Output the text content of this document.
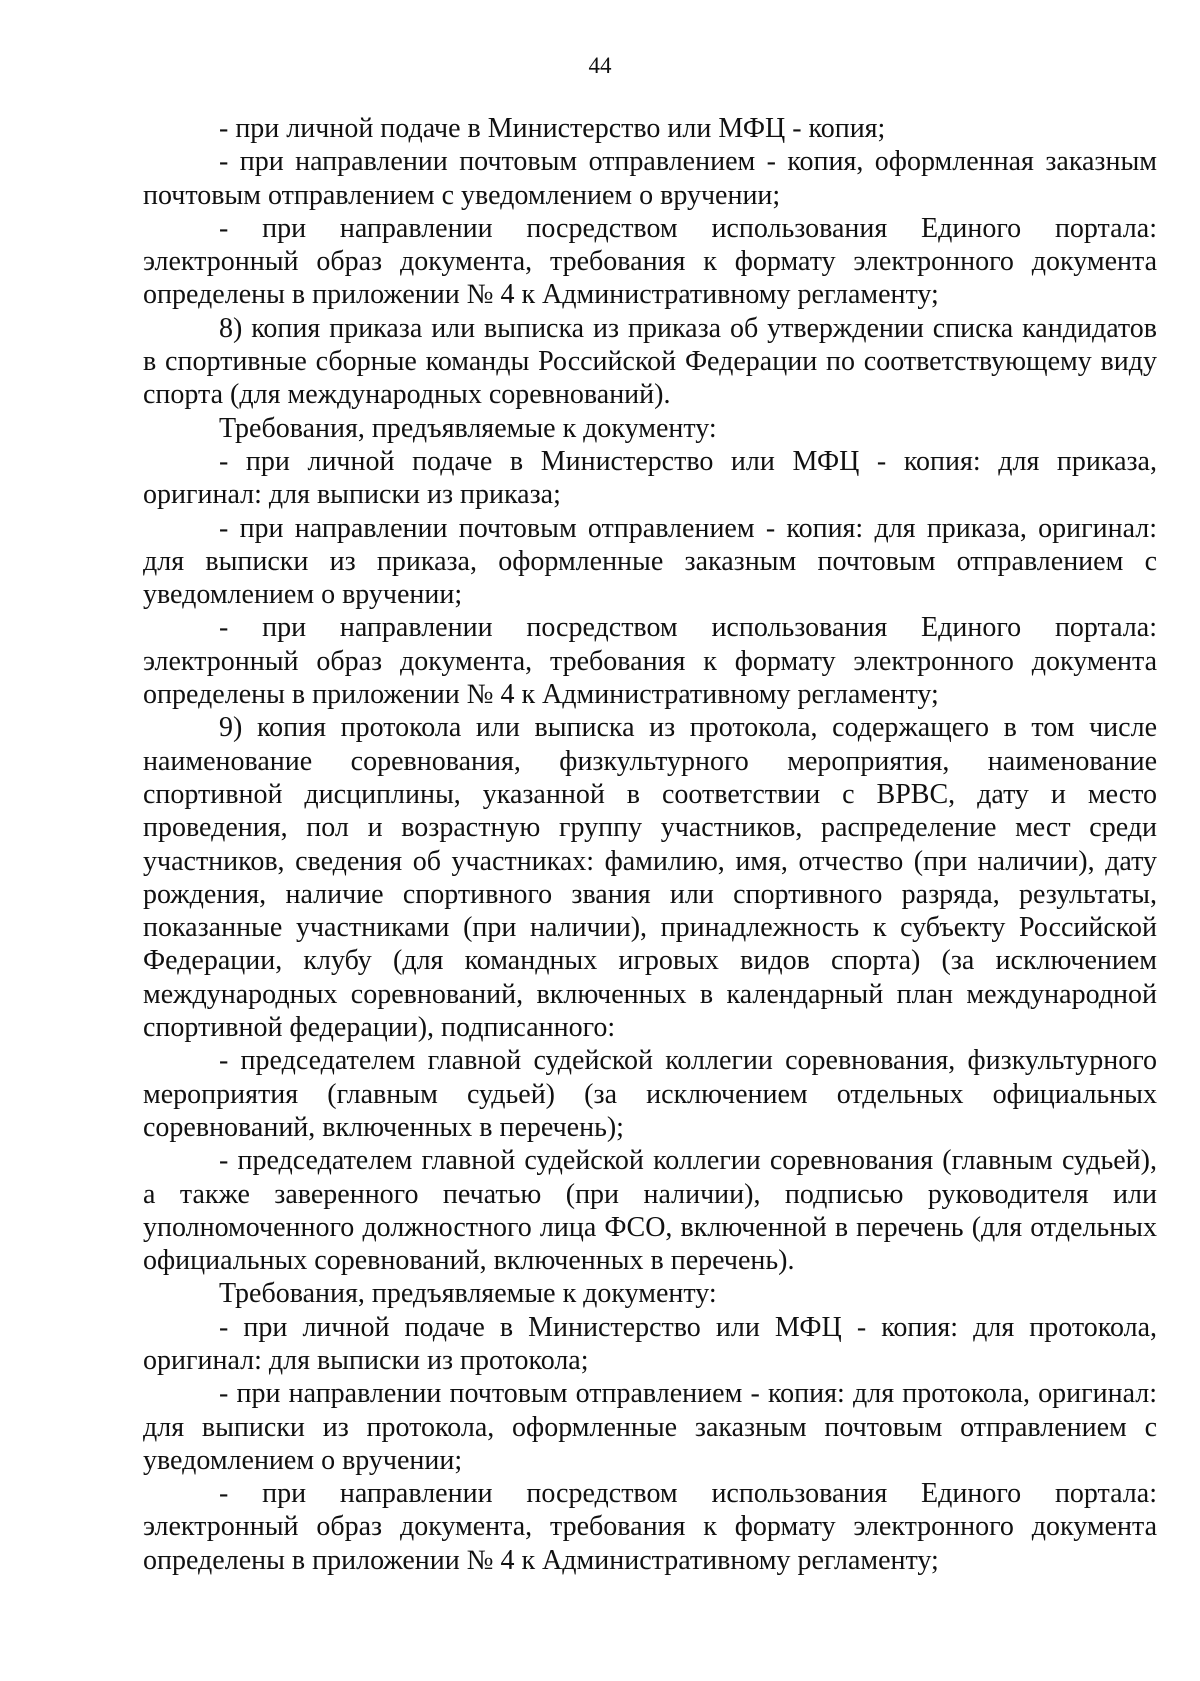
44

- при личной подаче в Министерство или МФЦ - копия;

- при направлении почтовым отправлением - копия, оформленная заказным почтовым отправлением с уведомлением о вручении;

- при направлении посредством использования Единого портала: электронный образ документа, требования к формату электронного документа определены в приложении № 4 к Административному регламенту;

8) копия приказа или выписка из приказа об утверждении списка кандидатов в спортивные сборные команды Российской Федерации по соответствующему виду спорта (для международных соревнований).

Требования, предъявляемые к документу:

- при личной подаче в Министерство или МФЦ - копия: для приказа, оригинал: для выписки из приказа;

- при направлении почтовым отправлением - копия: для приказа, оригинал: для выписки из приказа, оформленные заказным почтовым отправлением с уведомлением о вручении;

- при направлении посредством использования Единого портала: электронный образ документа, требования к формату электронного документа определены в приложении № 4 к Административному регламенту;

9) копия протокола или выписка из протокола, содержащего в том числе наименование соревнования, физкультурного мероприятия, наименование спортивной дисциплины, указанной в соответствии с ВРВС, дату и место проведения, пол и возрастную группу участников, распределение мест среди участников, сведения об участниках: фамилию, имя, отчество (при наличии), дату рождения, наличие спортивного звания или спортивного разряда, результаты, показанные участниками (при наличии), принадлежность к субъекту Российской Федерации, клубу (для командных игровых видов спорта) (за исключением международных соревнований, включенных в календарный план международной спортивной федерации), подписанного:

- председателем главной судейской коллегии соревнования, физкультурного мероприятия (главным судьей) (за исключением отдельных официальных соревнований, включенных в перечень);

- председателем главной судейской коллегии соревнования (главным судьей), а также заверенного печатью (при наличии), подписью руководителя или уполномоченного должностного лица ФСО, включенной в перечень (для отдельных официальных соревнований, включенных в перечень).

Требования, предъявляемые к документу:

- при личной подаче в Министерство или МФЦ - копия: для протокола, оригинал: для выписки из протокола;

- при направлении почтовым отправлением - копия: для протокола, оригинал: для выписки из протокола, оформленные заказным почтовым отправлением с уведомлением о вручении;

- при направлении посредством использования Единого портала: электронный образ документа, требования к формату электронного документа определены в приложении № 4 к Административному регламенту;
